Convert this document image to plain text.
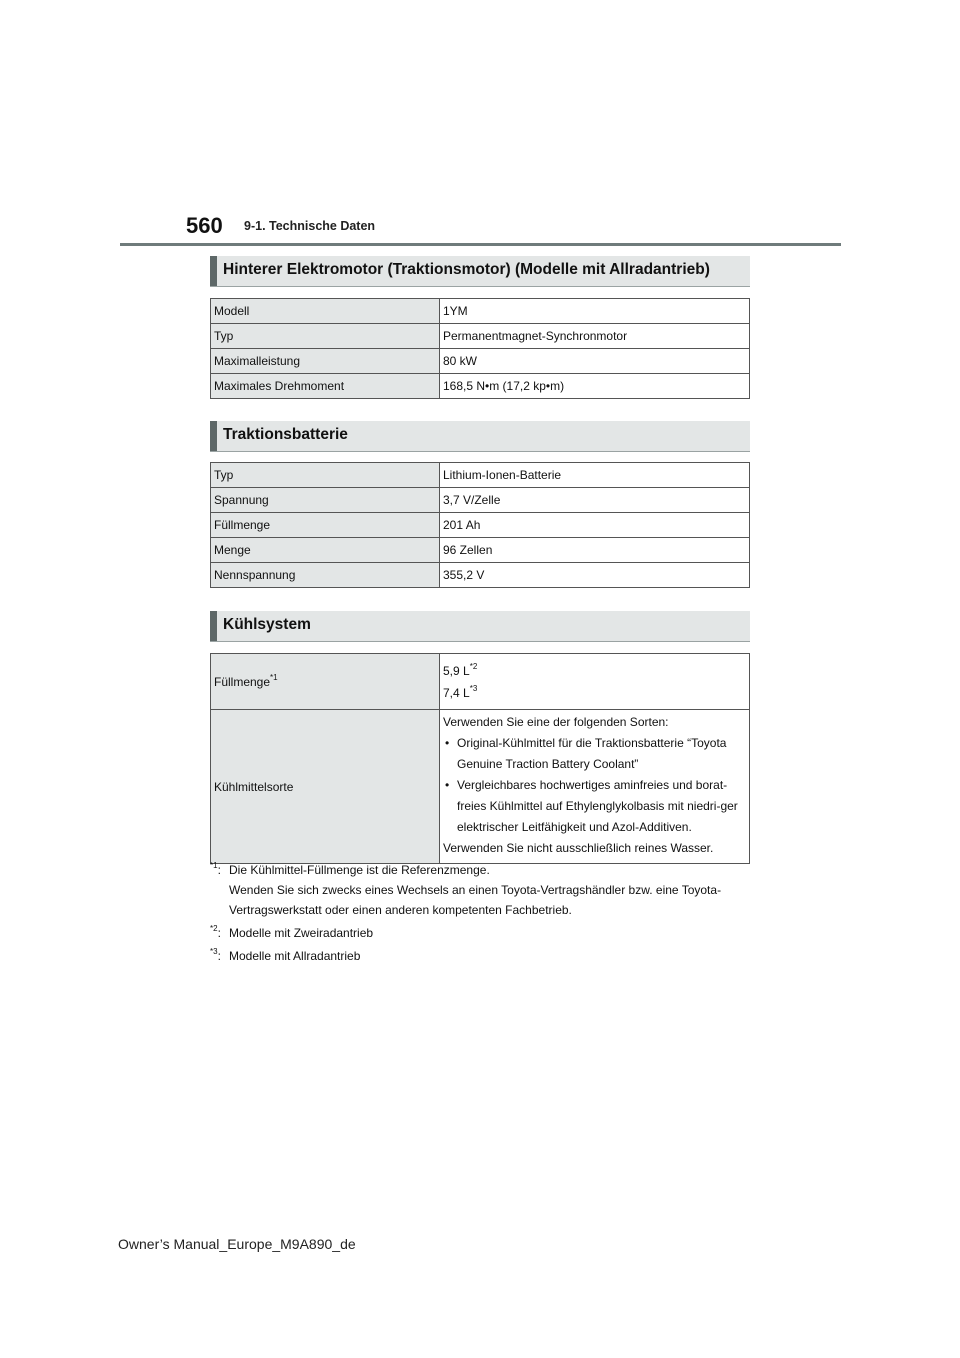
560 9-1. Technische Daten
Hinterer Elektromotor (Traktionsmotor) (Modelle mit Allradantrieb)
Modell	1YM
Typ	Permanentmagnet-Synchronmotor
Maximalleistung	80 kW
Maximales Drehmoment	168,5 N•m (17,2 kp•m)
Traktionsbatterie
Typ	Lithium-Ionen-Batterie
Spannung	3,7 V/Zelle
Füllmenge	201 Ah
Menge	96 Zellen
Nennspannung	355,2 V
Kühlsystem
Füllmenge$^{*1}$	5,9 $L^{*2}$
7,4 $L^{*3}$

Kühlmittelsorte	Verwenden Sie eine der folgenden Sorten:
• Original-Kühlmittel für die Traktionsbatterie “Toyota Genuine Traction Battery Coolant”
• Vergleichbares hochwertiges aminfreies und borat-freies Kühlmittel auf Ethylenglykolbasis mit niedri-ger elektrischer Leitfähigkeit und Azol-Additiven.
Verwenden Sie nicht ausschließlich reines Wasser.
$^{*1}$: Die Kühlmittel-Füllmenge ist die Referenzmenge.
Wenden Sie sich zwecks eines Wechsels an einen Toyota-Vertragshändler bzw. eine Toyota-Vertragswerkstatt oder einen anderen kompetenten Fachbetrieb.
$^{*2}$: Modelle mit Zweiradantrieb
$^{*3}$: Modelle mit Allradantrieb
Owner’s Manual_Europe_M9A890_de
